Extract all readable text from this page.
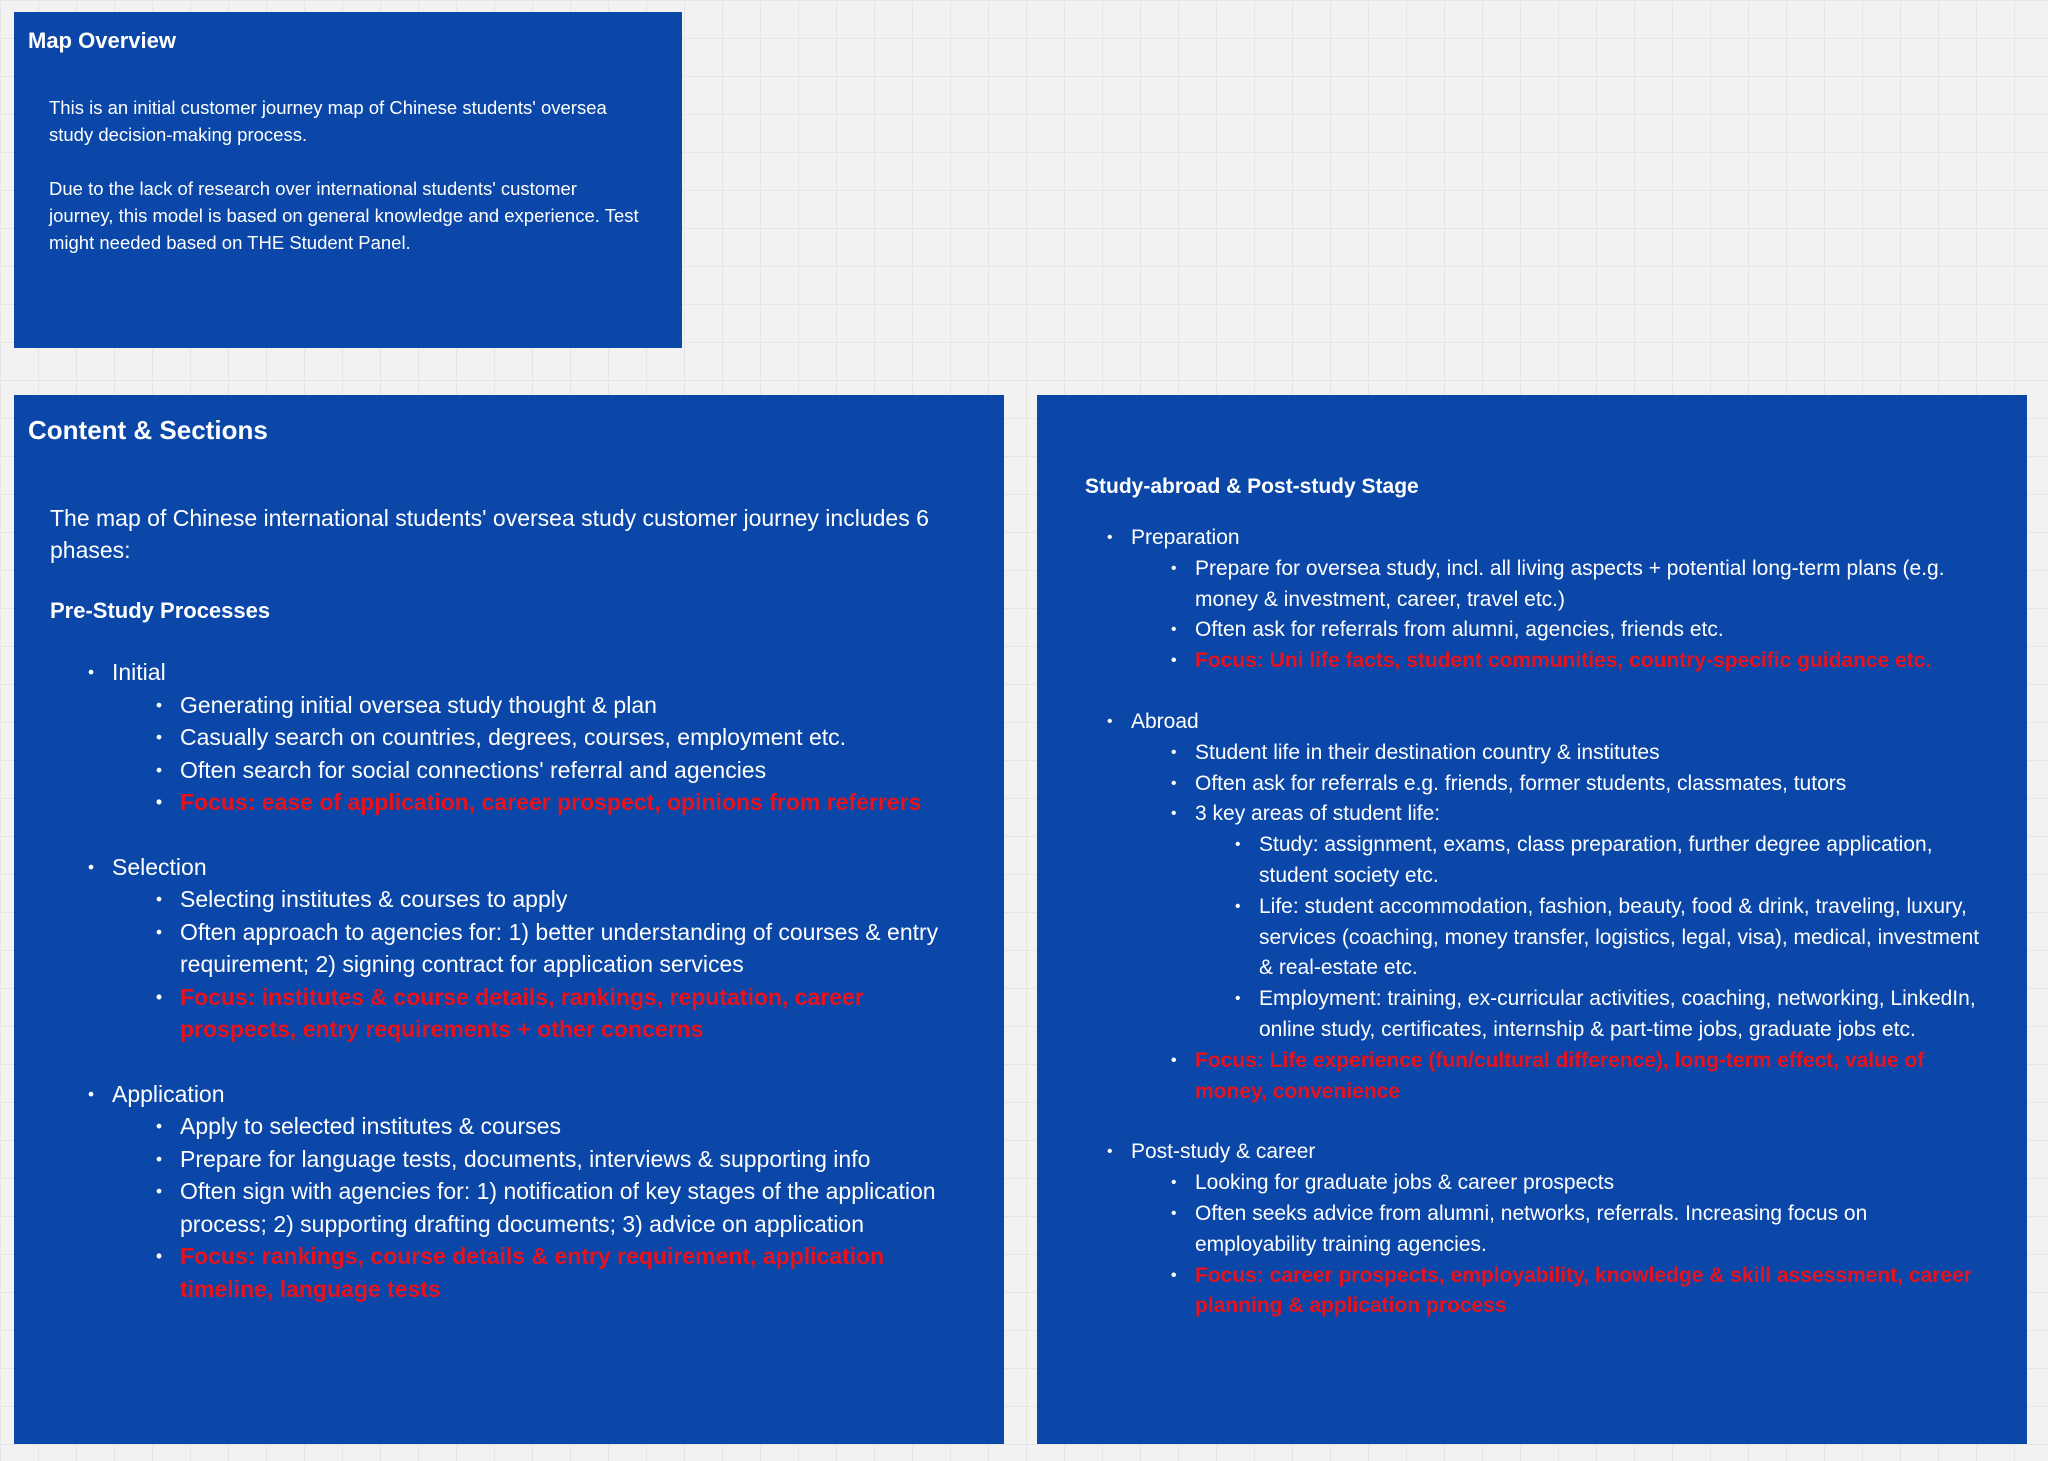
Map Overview

This is an initial customer journey map of Chinese students' oversea study decision-making process.

Due to the lack of research over international students' customer journey, this model is based on general knowledge and experience. Test might needed based on THE Student Panel.

Content & Sections

The map of Chinese international students' oversea study customer journey includes 6 phases:

Pre-Study Processes

• Initial
• Generating initial oversea study thought & plan
• Casually search on countries, degrees, courses, employment etc.
• Often search for social connections' referral and agencies
• Focus: ease of application, career prospect, opinions from referrers
• Selection
• Selecting institutes & courses to apply
• Often approach to agencies for: 1) better understanding of courses & entry requirement; 2) signing contract for application services
• Focus: institutes & course details, rankings, reputation, career prospects, entry requirements + other concerns
• Application
• Apply to selected institutes & courses
• Prepare for language tests, documents, interviews & supporting info
• Often sign with agencies for: 1) notification of key stages of the application process; 2) supporting drafting documents; 3) advice on application
• Focus: rankings, course details & entry requirement, application timeline, language tests

Study-abroad & Post-study Stage

• Preparation
• Prepare for oversea study, incl. all living aspects + potential long-term plans (e.g. money & investment, career, travel etc.)
• Often ask for referrals from alumni, agencies, friends etc.
• Focus: Uni life facts, student communities, country-specific guidance etc.
• Abroad
• Student life in their destination country & institutes
• Often ask for referrals e.g. friends, former students, classmates, tutors
• 3 key areas of student life:
• Study: assignment, exams, class preparation, further degree application, student society etc.
• Life: student accommodation, fashion, beauty, food & drink, traveling, luxury, services (coaching, money transfer, logistics, legal, visa), medical, investment & real-estate etc.
• Employment: training, ex-curricular activities, coaching, networking, LinkedIn, online study, certificates, internship & part-time jobs, graduate jobs etc.
• Focus: Life experience (fun/cultural difference), long-term effect, value of money, convenience
• Post-study & career
• Looking for graduate jobs & career prospects
• Often seeks advice from alumni, networks, referrals. Increasing focus on employability training agencies.
• Focus: career prospects, employability, knowledge & skill assessment, career planning & application process
